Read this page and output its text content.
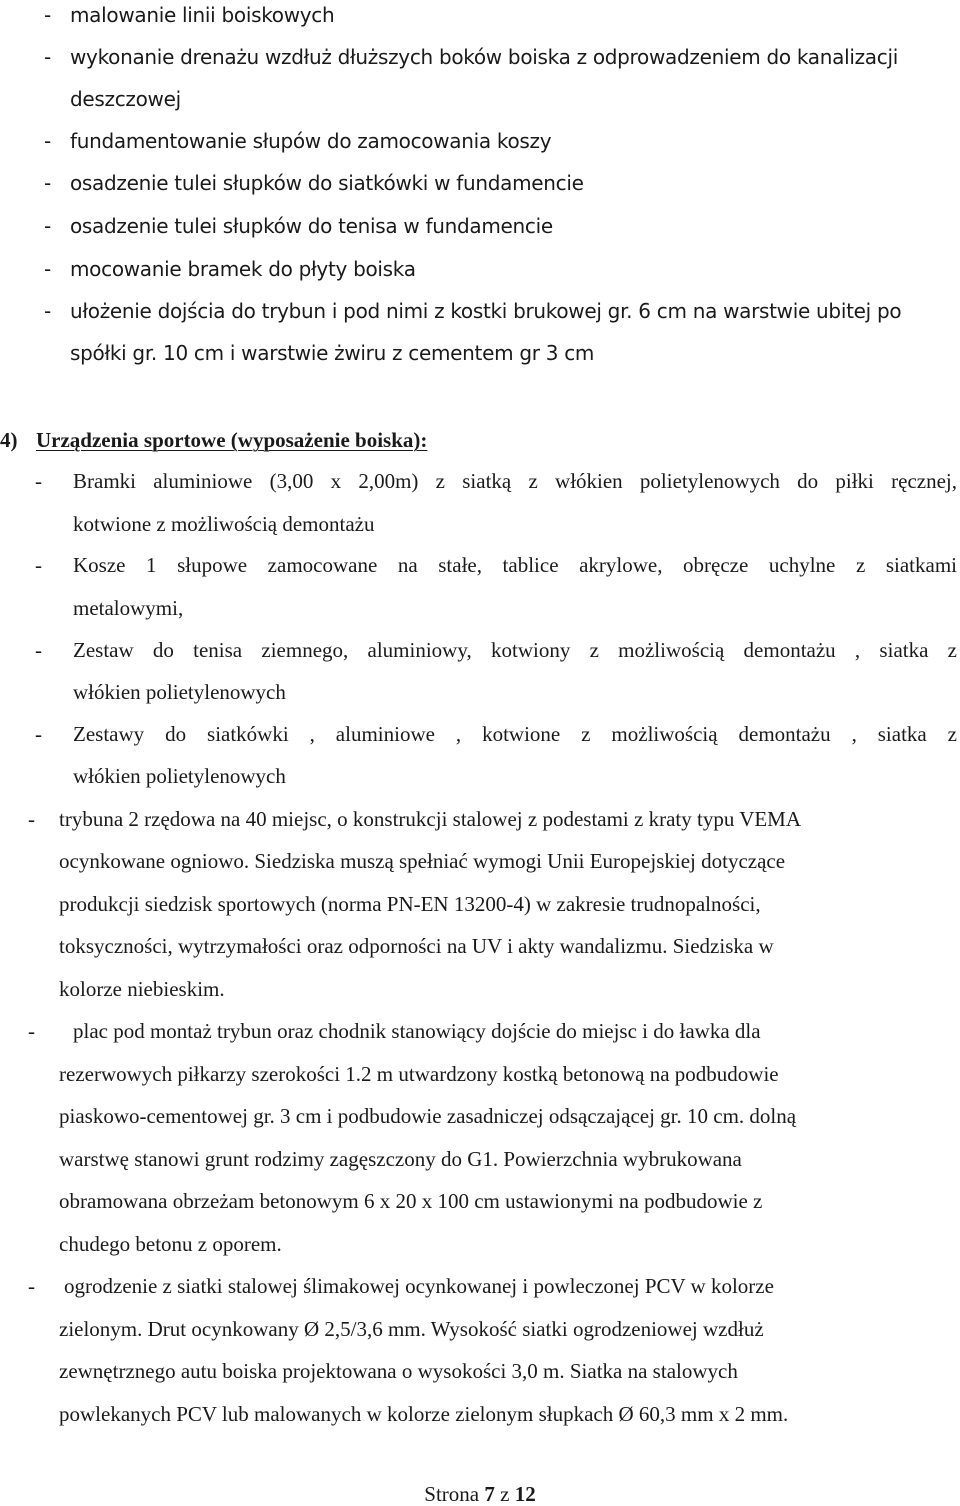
- malowanie linii boiskowych
- wykonanie drenażu wzdłuż dłuższych boków boiska z odprowadzeniem do kanalizacji
deszczowej
- fundamentowanie słupów do zamocowania koszy
- osadzenie tulei słupków do siatkówki w fundamencie
- osadzenie tulei słupków do tenisa w fundamencie
- mocowanie bramek do płyty boiska
- ułożenie dojścia do trybun i pod nimi z kostki brukowej gr. 6 cm na warstwie ubitej po
spółki gr. 10 cm i warstwie żwiru z cementem gr 3 cm
4) Urządzenia sportowe (wyposażenie boiska):
- Bramki aluminiowe (3,00 x 2,00m) z siatką z włókien polietylenowych do piłki ręcznej,
kotwione z możliwością demontażu
- Kosze 1 słupowe zamocowane na stałe, tablice akrylowe, obręcze uchylne z siatkami
metalowymi,
- Zestaw do tenisa ziemnego, aluminiowy, kotwiony z możliwością demontażu , siatka z
włókien polietylenowych
- Zestawy do siatkówki , aluminiowe , kotwione z możliwością demontażu , siatka z
włókien polietylenowych
- trybuna 2 rzędowa na 40 miejsc, o konstrukcji stalowej z podestami z kraty typu VEMA
ocynkowane ogniowo. Siedziska muszą spełniać wymogi Unii Europejskiej dotyczące
produkcji siedzisk sportowych (norma PN-EN 13200-4) w zakresie trudnopalności,
toksyczności, wytrzymałości oraz odporności na UV i akty wandalizmu. Siedziska w
kolorze niebieskim.
- plac pod montaż trybun oraz chodnik stanowiący dojście do miejsc i do ławka dla
rezerwowych piłkarzy szerokości 1.2 m utwardzony kostką betonową na podbudowie
piaskowo-cementowej gr. 3 cm i podbudowie zasadniczej odsączającej gr. 10 cm. dolną
warstwę stanowi grunt rodzimy zagęszczony do G1. Powierzchnia wybrukowana
obramowana obrzeżam betonowym 6 x 20 x 100 cm ustawionymi na podbudowie z
chudego betonu z oporem.
- ogrodzenie z siatki stalowej ślimakowej ocynkowanej i powleczonej PCV w kolorze
zielonym. Drut ocynkowany Ø 2,5/3,6 mm. Wysokość siatki ogrodzeniowej wzdłuż
zewnętrznego autu boiska projektowana o wysokości 3,0 m. Siatka na stalowych
powlekanych PCV lub malowanych w kolorze zielonym słupkach Ø 60,3 mm x 2 mm.
Strona 7 z 12
